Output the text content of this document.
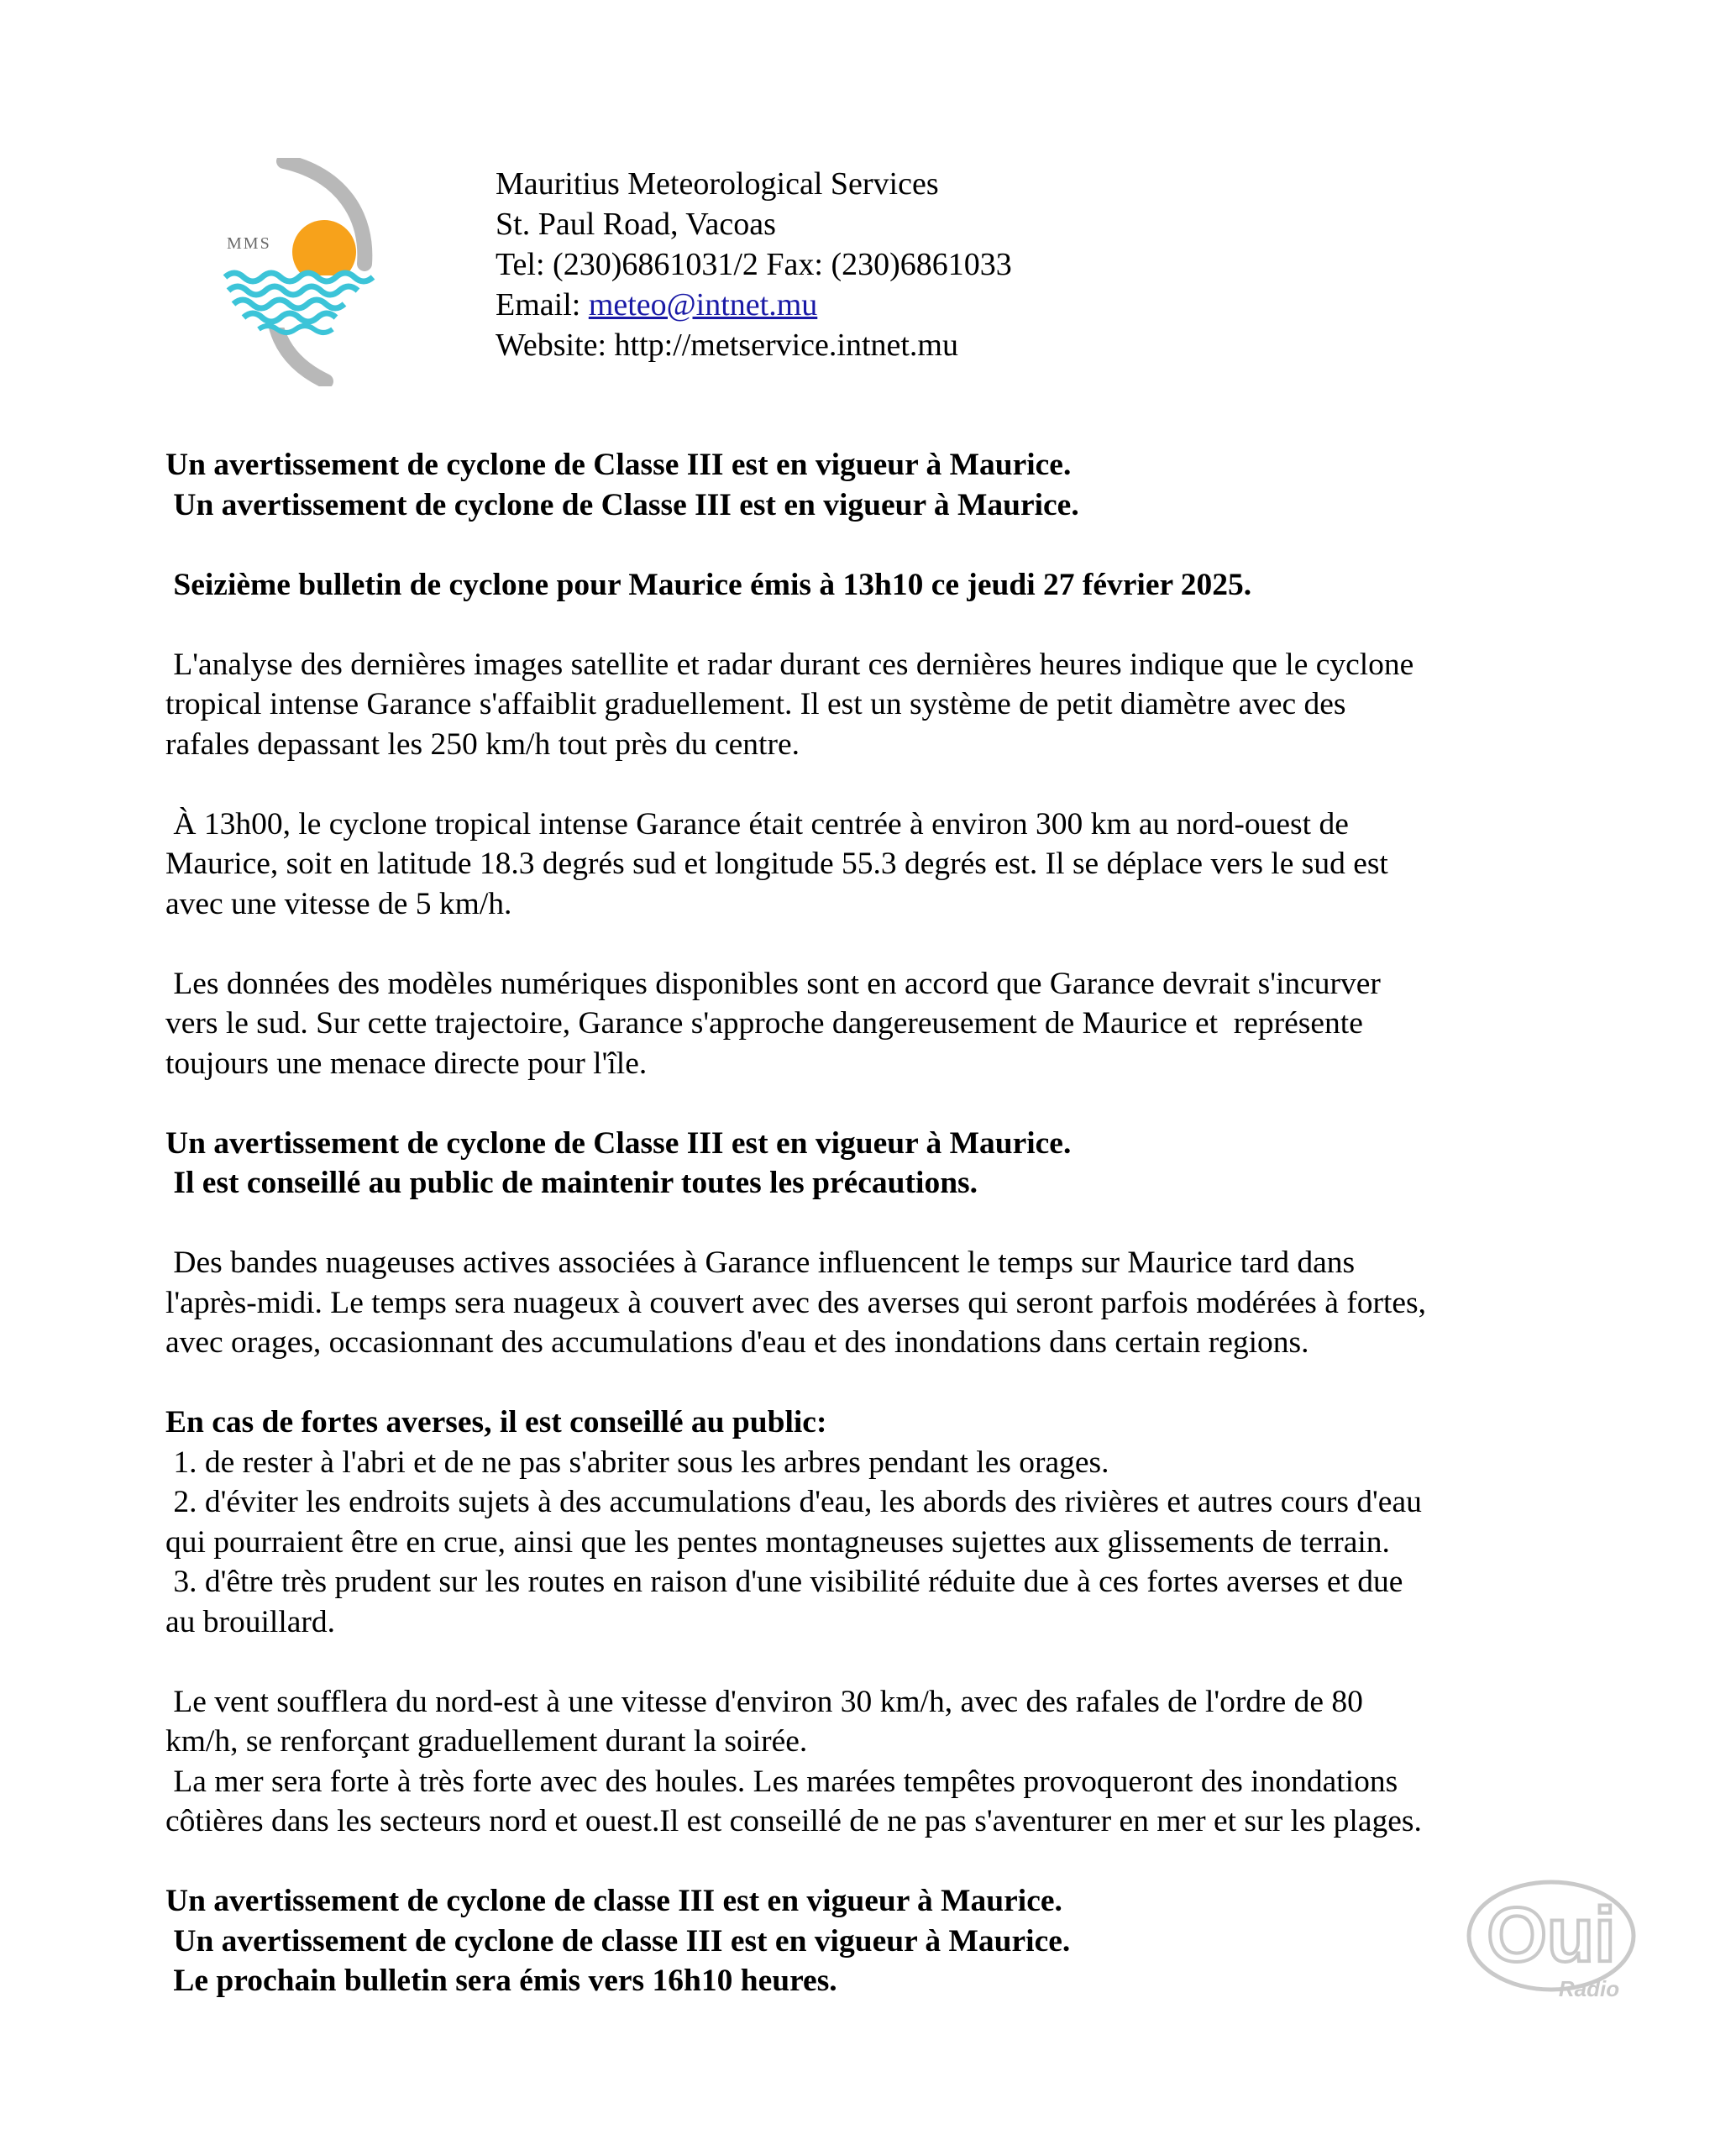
MMS
Mauritius Meteorological Services
St. Paul Road, Vacoas
Tel: (230)6861031/2 Fax: (230)6861033
Email: meteo@intnet.mu
Website: http://metservice.intnet.mu

Un avertissement de cyclone de Classe III est en vigueur à Maurice.

Un avertissement de cyclone de Classe III est en vigueur à Maurice.

Seizième bulletin de cyclone pour Maurice émis à 13h10 ce jeudi 27 février 2025.

L'analyse des dernières images satellite et radar durant ces dernières heures indique que le cyclone

tropical intense Garance s'affaiblit graduellement. Il est un système de petit diamètre avec des

rafales depassant les 250 km/h tout près du centre.

À 13h00, le cyclone tropical intense Garance était centrée à environ 300 km au nord-ouest de

Maurice, soit en latitude 18.3 degrés sud et longitude 55.3 degrés est. Il se déplace vers le sud est

avec une vitesse de 5 km/h.

Les données des modèles numériques disponibles sont en accord que Garance devrait s'incurver

vers le sud. Sur cette trajectoire, Garance s'approche dangereusement de Maurice et  représente

toujours une menace directe pour l'île.

Un avertissement de cyclone de Classe III est en vigueur à Maurice.

Il est conseillé au public de maintenir toutes les précautions.

Des bandes nuageuses actives associées à Garance influencent le temps sur Maurice tard dans

l'après-midi. Le temps sera nuageux à couvert avec des averses qui seront parfois modérées à fortes,

avec orages, occasionnant des accumulations d'eau et des inondations dans certain regions.

En cas de fortes averses, il est conseillé au public:

1. de rester à l'abri et de ne pas s'abriter sous les arbres pendant les orages.

2. d'éviter les endroits sujets à des accumulations d'eau, les abords des rivières et autres cours d'eau

qui pourraient être en crue, ainsi que les pentes montagneuses sujettes aux glissements de terrain.

3. d'être très prudent sur les routes en raison d'une visibilité réduite due à ces fortes averses et due

au brouillard.

Le vent soufflera du nord-est à une vitesse d'environ 30 km/h, avec des rafales de l'ordre de 80

km/h, se renforçant graduellement durant la soirée.

La mer sera forte à très forte avec des houles. Les marées tempêtes provoqueront des inondations

côtières dans les secteurs nord et ouest.Il est conseillé de ne pas s'aventurer en mer et sur les plages.

Un avertissement de cyclone de classe III est en vigueur à Maurice.

Un avertissement de cyclone de classe III est en vigueur à Maurice.

Le prochain bulletin sera émis vers 16h10 heures.

Oui
Radio
